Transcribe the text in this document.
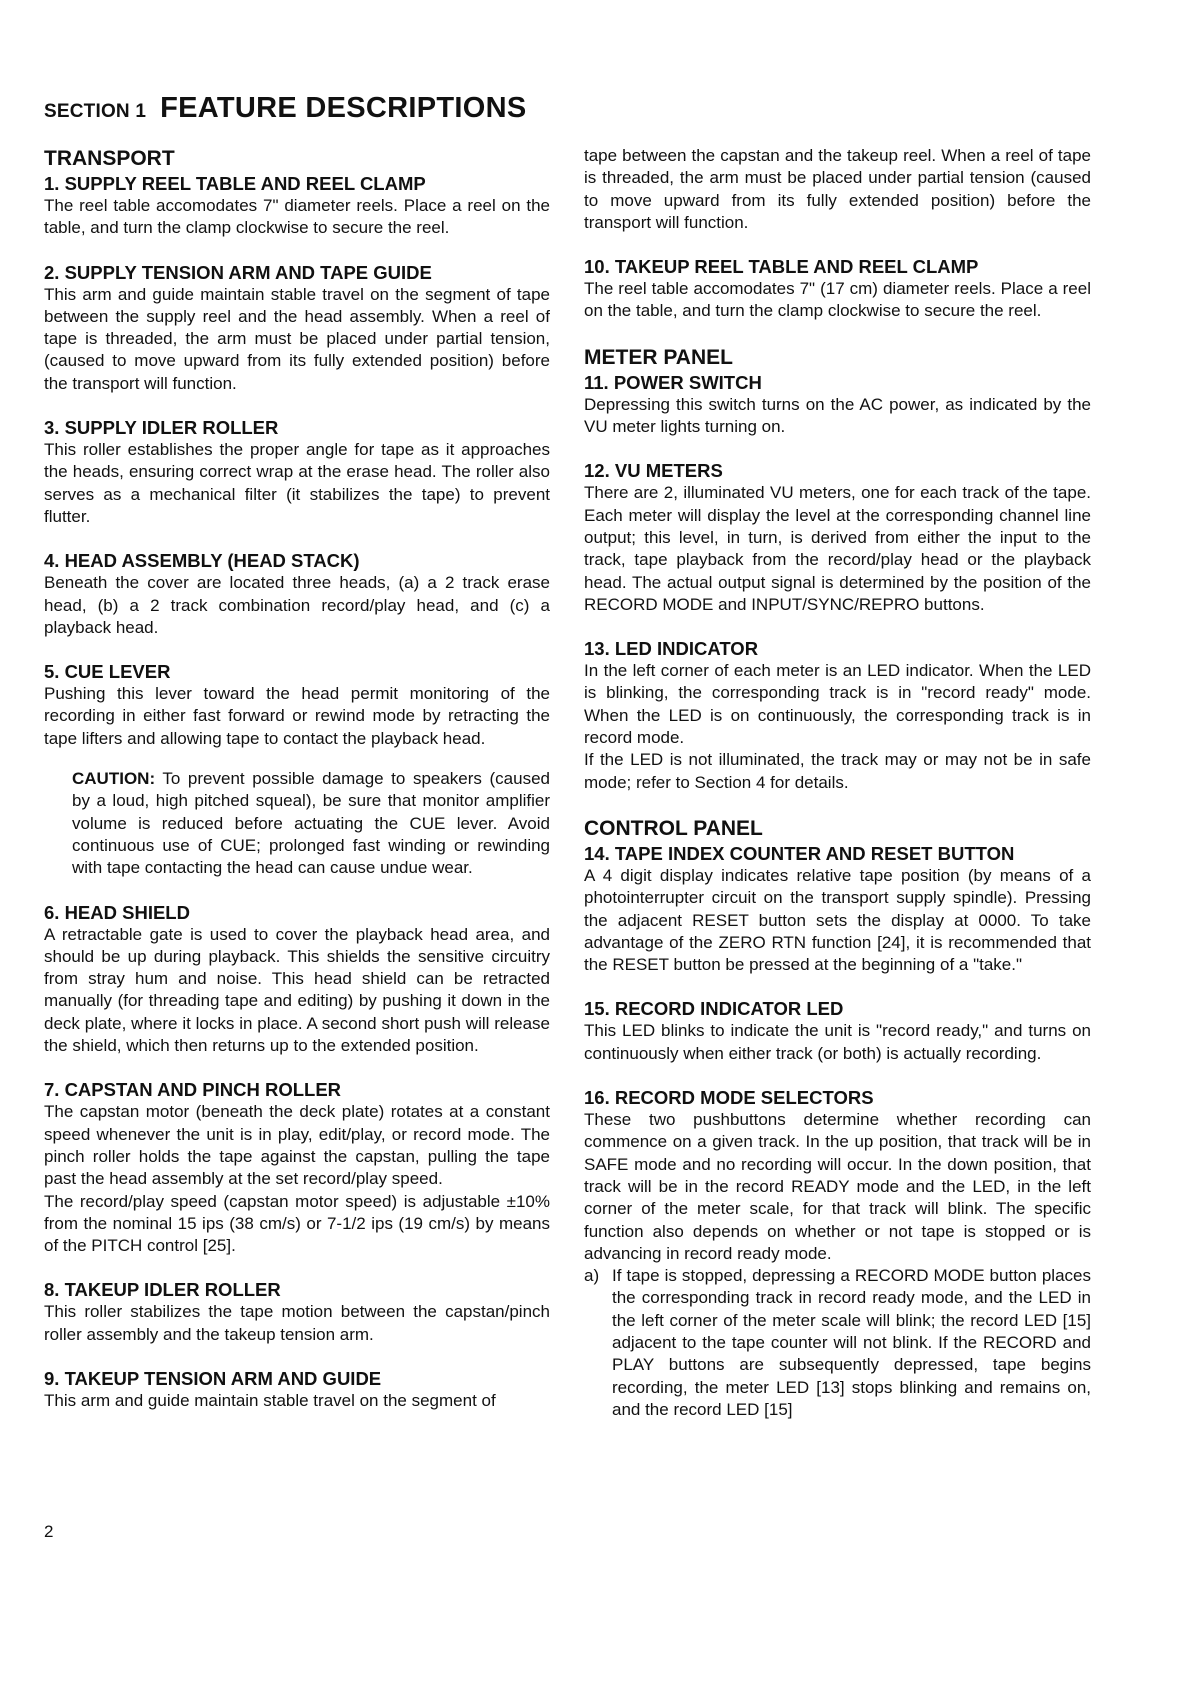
SECTION 1 FEATURE DESCRIPTIONS
TRANSPORT
1. SUPPLY REEL TABLE AND REEL CLAMP

The reel table accomodates 7" diameter reels. Place a reel on the table, and turn the clamp clockwise to secure the reel.

2. SUPPLY TENSION ARM AND TAPE GUIDE

This arm and guide maintain stable travel on the segment of tape between the supply reel and the head assembly. When a reel of tape is threaded, the arm must be placed under partial tension, (caused to move upward from its fully extended position) before the transport will function.

3. SUPPLY IDLER ROLLER

This roller establishes the proper angle for tape as it approaches the heads, ensuring correct wrap at the erase head. The roller also serves as a mechanical filter (it stabilizes the tape) to prevent flutter.

4. HEAD ASSEMBLY (HEAD STACK)

Beneath the cover are located three heads, (a) a 2 track erase head, (b) a 2 track combination record/play head, and (c) a playback head.

5. CUE LEVER

Pushing this lever toward the head permit monitoring of the recording in either fast forward or rewind mode by retracting the tape lifters and allowing tape to contact the playback head.

CAUTION: To prevent possible damage to speakers (caused by a loud, high pitched squeal), be sure that monitor amplifier volume is reduced before actuating the CUE lever. Avoid continuous use of CUE; prolonged fast winding or rewinding with tape contacting the head can cause undue wear.
6. HEAD SHIELD

A retractable gate is used to cover the playback head area, and should be up during playback. This shields the sensitive circuitry from stray hum and noise. This head shield can be retracted manually (for threading tape and editing) by pushing it down in the deck plate, where it locks in place. A second short push will release the shield, which then returns up to the extended position.

7. CAPSTAN AND PINCH ROLLER

The capstan motor (beneath the deck plate) rotates at a constant speed whenever the unit is in play, edit/play, or record mode. The pinch roller holds the tape against the capstan, pulling the tape past the head assembly at the set record/play speed.

The record/play speed (capstan motor speed) is adjustable ±10% from the nominal 15 ips (38 cm/s) or 7-1/2 ips (19 cm/s) by means of the PITCH control [25].

8. TAKEUP IDLER ROLLER

This roller stabilizes the tape motion between the capstan/pinch roller assembly and the takeup tension arm.

9. TAKEUP TENSION ARM AND GUIDE

This arm and guide maintain stable travel on the segment of

tape between the capstan and the takeup reel. When a reel of tape is threaded, the arm must be placed under partial tension (caused to move upward from its fully extended position) before the transport will function.

10. TAKEUP REEL TABLE AND REEL CLAMP

The reel table accomodates 7" (17 cm) diameter reels. Place a reel on the table, and turn the clamp clockwise to secure the reel.

METER PANEL
11. POWER SWITCH

Depressing this switch turns on the AC power, as indicated by the VU meter lights turning on.

12. VU METERS

There are 2, illuminated VU meters, one for each track of the tape. Each meter will display the level at the corresponding channel line output; this level, in turn, is derived from either the input to the track, tape playback from the record/play head or the playback head. The actual output signal is determined by the position of the RECORD MODE and INPUT/SYNC/REPRO buttons.

13. LED INDICATOR

In the left corner of each meter is an LED indicator. When the LED is blinking, the corresponding track is in "record ready" mode. When the LED is on continuously, the corresponding track is in record mode.

If the LED is not illuminated, the track may or may not be in safe mode; refer to Section 4 for details.

CONTROL PANEL
14. TAPE INDEX COUNTER AND RESET BUTTON

A 4 digit display indicates relative tape position (by means of a photointerrupter circuit on the transport supply spindle). Pressing the adjacent RESET button sets the display at 0000. To take advantage of the ZERO RTN function [24], it is recommended that the RESET button be pressed at the beginning of a "take."

15. RECORD INDICATOR LED

This LED blinks to indicate the unit is "record ready," and turns on continuously when either track (or both) is actually recording.

16. RECORD MODE SELECTORS

These two pushbuttons determine whether recording can commence on a given track. In the up position, that track will be in SAFE mode and no recording will occur. In the down position, that track will be in the record READY mode and the LED, in the left corner of the meter scale, for that track will blink. The specific function also depends on whether or not tape is stopped or is advancing in record ready mode.

a) If tape is stopped, depressing a RECORD MODE button places the corresponding track in record ready mode, and the LED in the left corner of the meter scale will blink; the record LED [15] adjacent to the tape counter will not blink. If the RECORD and PLAY buttons are subsequently depressed, tape begins recording, the meter LED [13] stops blinking and remains on, and the record LED [15]
2
